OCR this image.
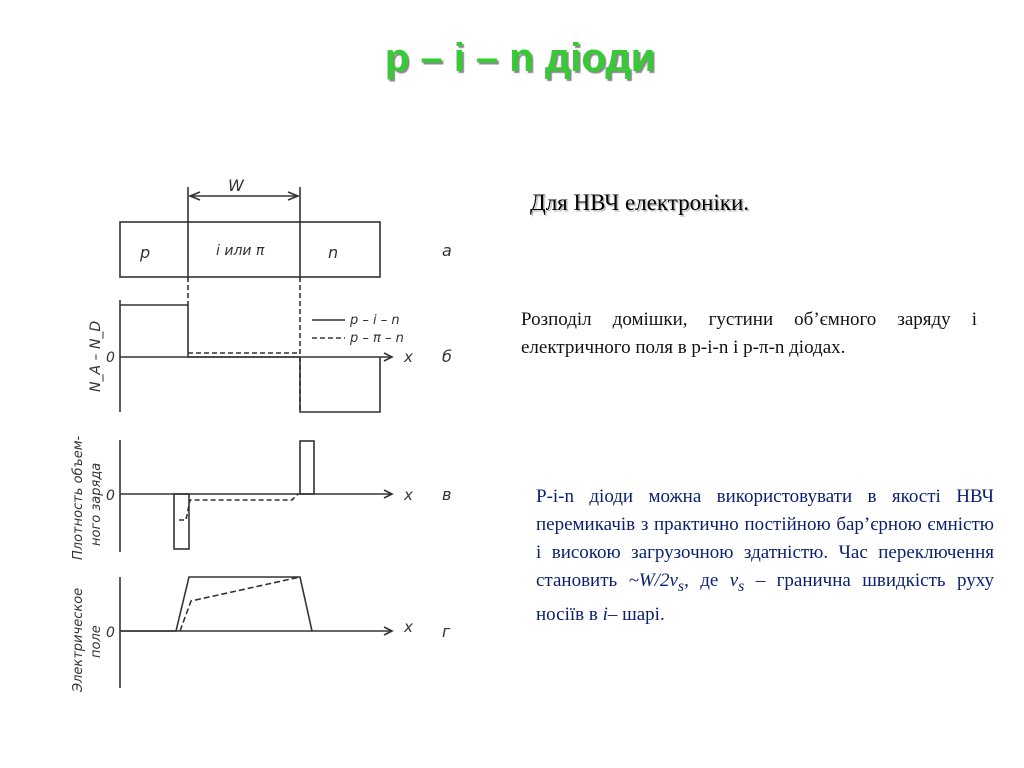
p – i – n діоди
Для НВЧ електроніки.

Розподіл домішки, густини об’ємного заряду і електричного поля в p-i-n і p-π-n діодах.

P-i-n діоди можна використовувати в якості НВЧ перемикачів з практично постійною бар’єрною ємністю і високою загрузочною здатністю. Час переключення становить $\sim W/2v_s$, де $v_s$ – гранична швидкість руху носіїв в i– шарі.

W
p	i или π	n	а
p – i – n
p – π – n
0	x б
N_A – N_D
0	x в
Плотность объем- ного заряда
0	x г
Электрическое поле
